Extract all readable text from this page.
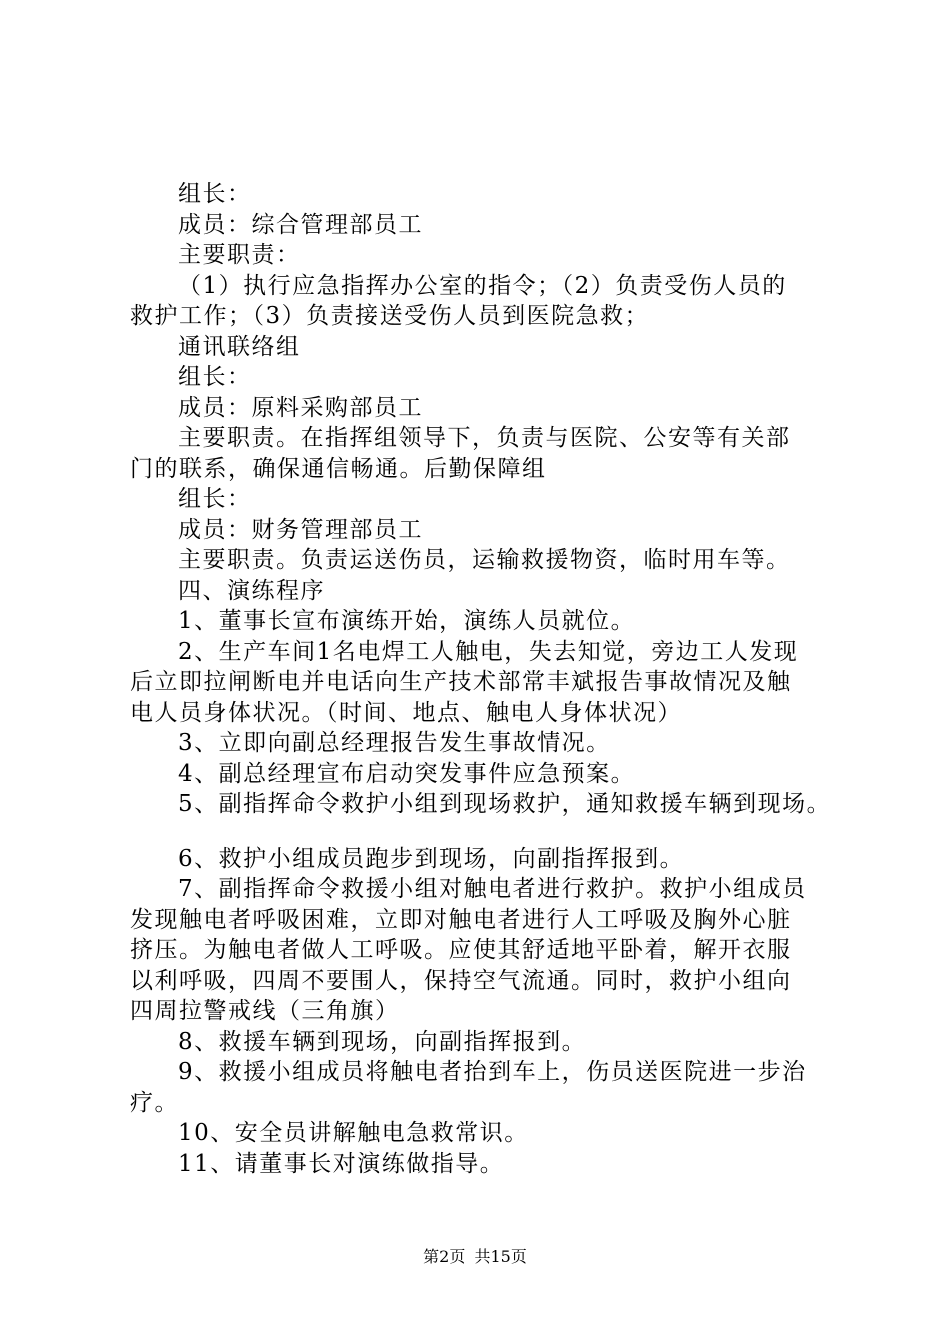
组长：
成员：综合管理部员工
主要职责：
（1）执行应急指挥办公室的指令；（2）负责受伤人员的
救护工作；（3）负责接送受伤人员到医院急救；
通讯联络组
组长：
成员：原料采购部员工
主要职责。在指挥组领导下，负责与医院、公安等有关部
门的联系，确保通信畅通。后勤保障组
组长：
成员：财务管理部员工
主要职责。负责运送伤员，运输救援物资，临时用车等。
四、演练程序
1、董事长宣布演练开始，演练人员就位。
2、生产车间1名电焊工人触电，失去知觉，旁边工人发现
后立即拉闸断电并电话向生产技术部常丰斌报告事故情况及触
电人员身体状况。（时间、地点、触电人身体状况）
3、立即向副总经理报告发生事故情况。
4、副总经理宣布启动突发事件应急预案。
5、副指挥命令救护小组到现场救护，通知救援车辆到现场。
6、救护小组成员跑步到现场，向副指挥报到。
7、副指挥命令救援小组对触电者进行救护。救护小组成员
发现触电者呼吸困难，立即对触电者进行人工呼吸及胸外心脏
挤压。为触电者做人工呼吸。应使其舒适地平卧着，解开衣服
以利呼吸，四周不要围人，保持空气流通。同时，救护小组向
四周拉警戒线（三角旗）
8、救援车辆到现场，向副指挥报到。
9、救援小组成员将触电者抬到车上，伤员送医院进一步治
疗。
10、安全员讲解触电急救常识。
11、请董事长对演练做指导。
第2页 共15页
